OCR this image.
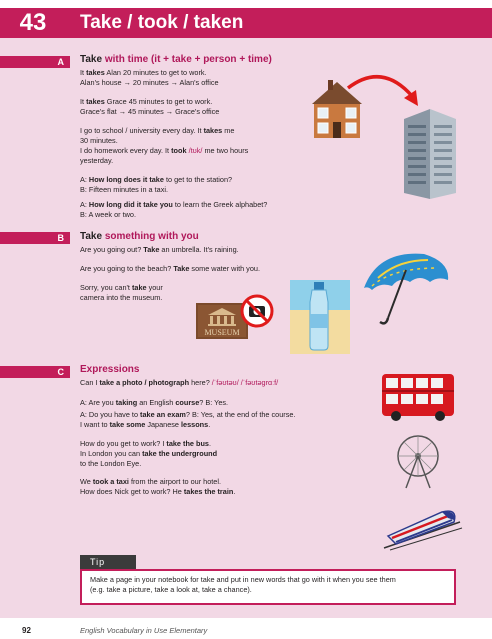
43	Take / took / taken
A	Take with time (it + take + person + time)
It takes Alan 20 minutes to get to work.
Alan's house → 20 minutes → Alan's office
It takes Grace 45 minutes to get to work.
Grace's flat → 45 minutes → Grace's office
I go to school / university every day. It takes me
30 minutes.
I do homework every day. It took /tʊk/ me two hours
yesterday.
A: How long does it take to get to the station?
B: Fifteen minutes in a taxi.
A: How long did it take you to learn the Greek alphabet?
B: A week or two.
B	Take something with you
Are you going out? Take an umbrella. It's raining.
Are you going to the beach? Take some water with you.
Sorry, you can't take your
camera into the museum.
MUSEUM
C	Expressions
Can I take a photo / photograph here? /ˈfəʊtəʊ/ /ˈfəʊtəgrɑːf/
A: Are you taking an English course? B: Yes.
A: Do you have to take an exam? B: Yes, at the end of the course.
I want to take some Japanese lessons.
How do you get to work? I take the bus.
In London you can take the underground
to the London Eye.
We took a taxi from the airport to our hotel.
How does Nick get to work? He takes the train.
Tip
Make a page in your notebook for take and put in new words that go with it when you see them
(e.g. take a picture, take a look at, take a chance).
92	English Vocabulary in Use Elementary
